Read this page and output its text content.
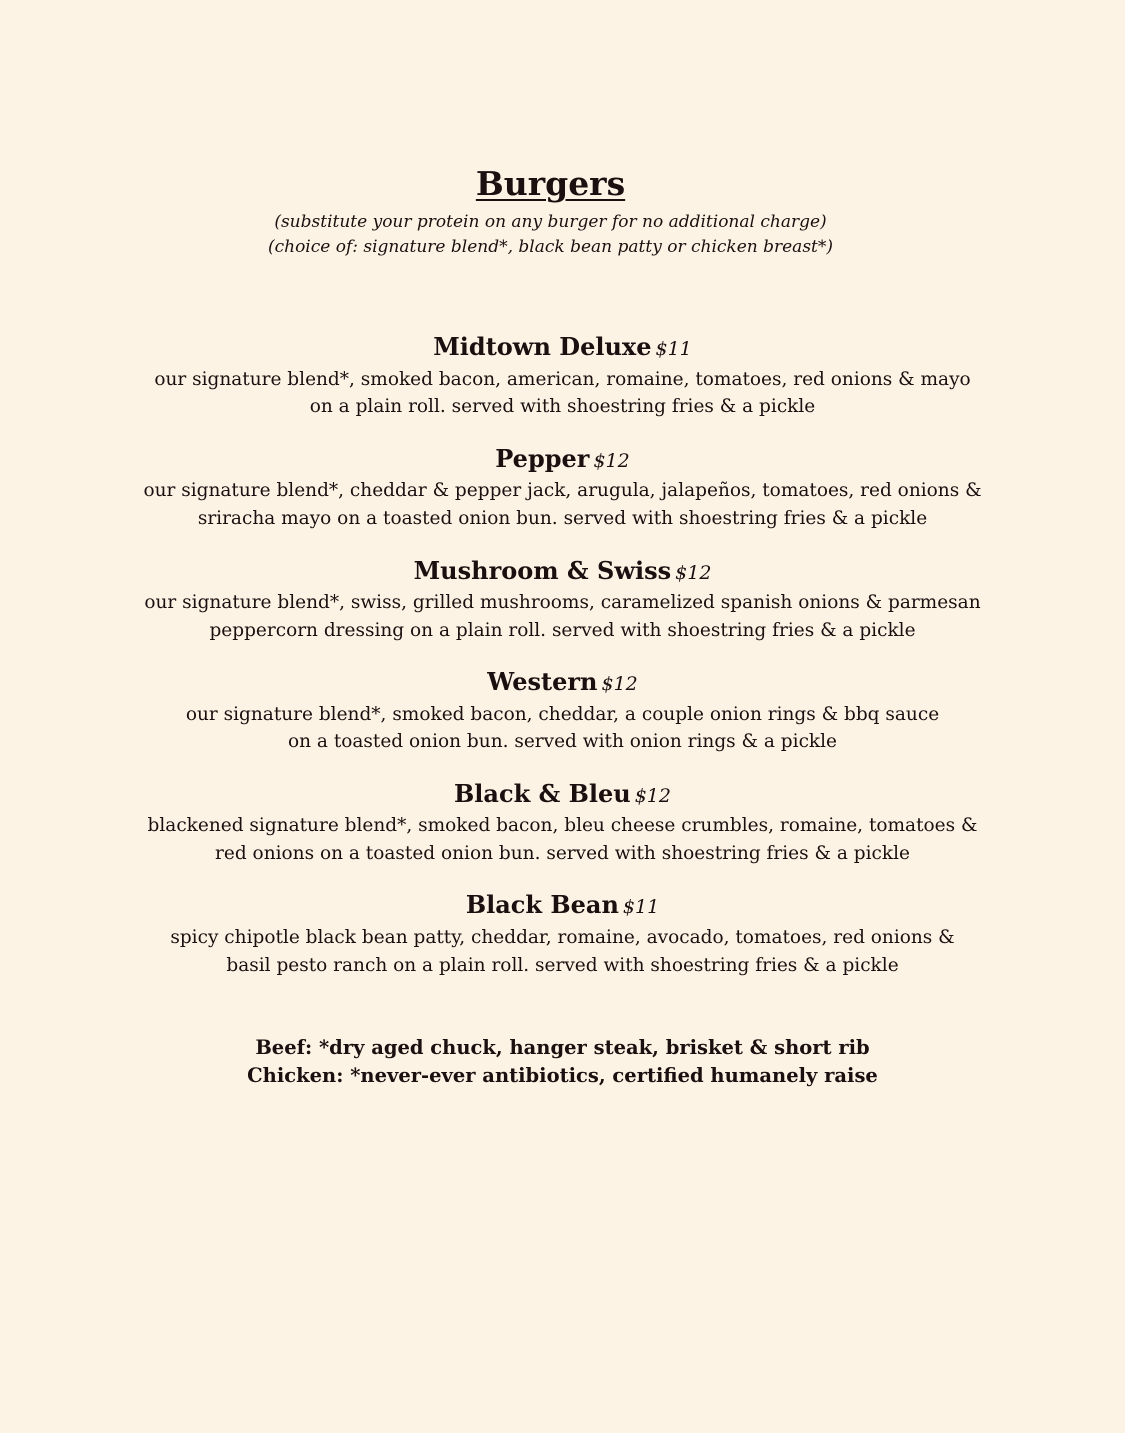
Burgers
(substitute your protein on any burger for no additional charge)
(choice of: signature blend*, black bean patty or chicken breast*)
Midtown Deluxe $11
our signature blend*, smoked bacon, american, romaine, tomatoes, red onions & mayo
on a plain roll. served with shoestring fries & a pickle
Pepper $12
our signature blend*, cheddar & pepper jack, arugula, jalapeños, tomatoes, red onions &
sriracha mayo on a toasted onion bun. served with shoestring fries & a pickle
Mushroom & Swiss $12
our signature blend*, swiss, grilled mushrooms, caramelized spanish onions & parmesan
peppercorn dressing on a plain roll. served with shoestring fries & a pickle
Western $12
our signature blend*, smoked bacon, cheddar, a couple onion rings & bbq sauce
on a toasted onion bun. served with onion rings & a pickle
Black & Bleu $12
blackened signature blend*, smoked bacon, bleu cheese crumbles, romaine, tomatoes &
red onions on a toasted onion bun. served with shoestring fries & a pickle
Black Bean $11
spicy chipotle black bean patty, cheddar, romaine, avocado, tomatoes, red onions &
basil pesto ranch on a plain roll. served with shoestring fries & a pickle
Beef: *dry aged chuck, hanger steak, brisket & short rib
Chicken: *never-ever antibiotics, certified humanely raise
